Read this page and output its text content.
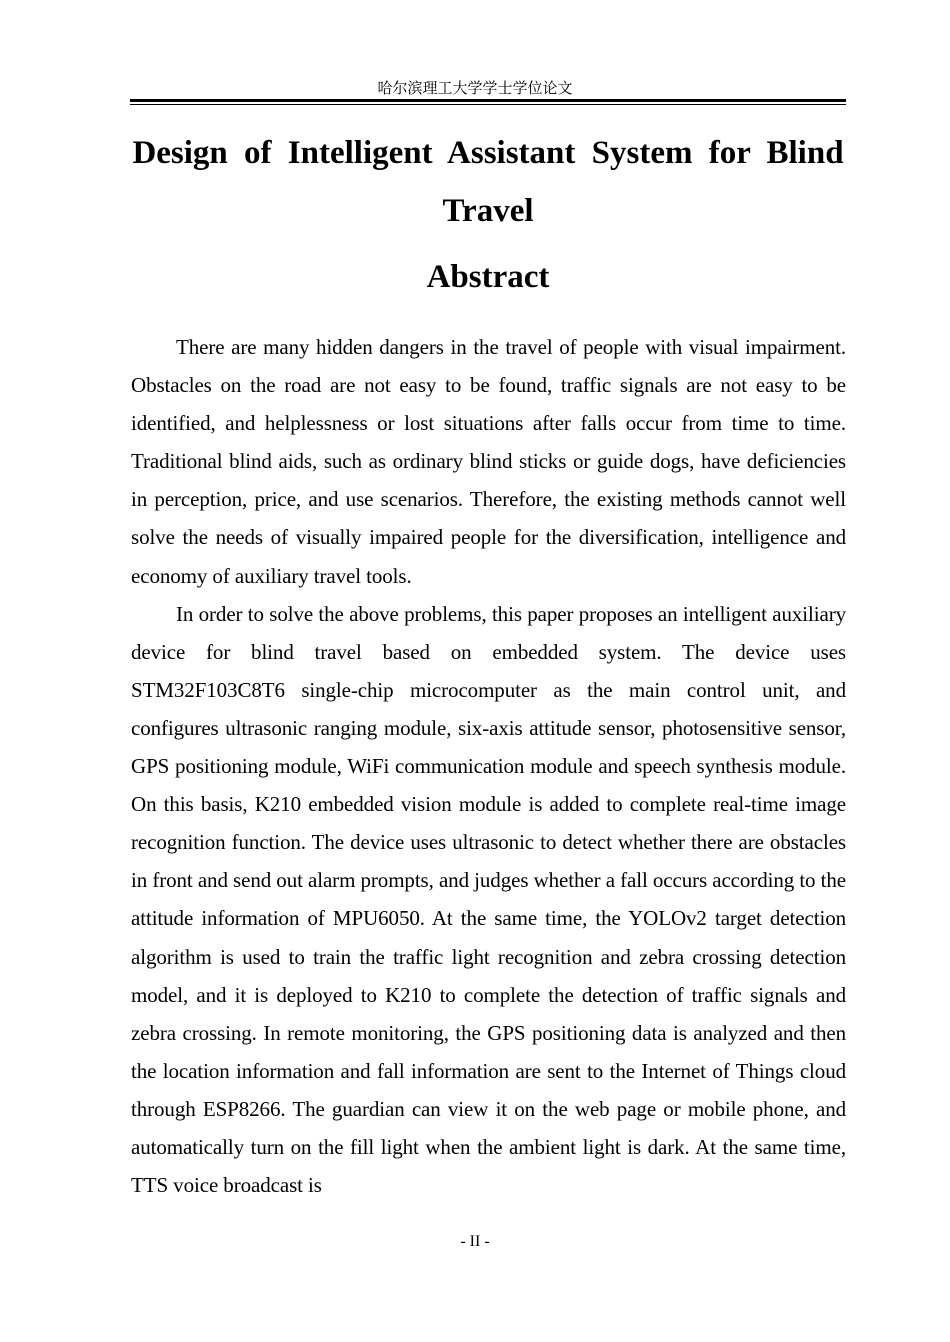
哈尔滨理工大学学士学位论文
Design of Intelligent Assistant System for Blind Travel
Abstract

There are many hidden dangers in the travel of people with visual impairment. Obstacles on the road are not easy to be found, traffic signals are not easy to be identified, and helplessness or lost situations after falls occur from time to time. Traditional blind aids, such as ordinary blind sticks or guide dogs, have deficiencies in perception, price, and use scenarios. Therefore, the existing methods cannot well solve the needs of visually impaired people for the diversification, intelligence and economy of auxiliary travel tools.

In order to solve the above problems, this paper proposes an intelligent auxiliary device for blind travel based on embedded system. The device uses STM32F103C8T6 single-chip microcomputer as the main control unit, and configures ultrasonic ranging module, six-axis attitude sensor, photosensitive sensor, GPS positioning module, WiFi communication module and speech synthesis module. On this basis, K210 embedded vision module is added to complete real-time image recognition function. The device uses ultrasonic to detect whether there are obstacles in front and send out alarm prompts, and judges whether a fall occurs according to the attitude information of MPU6050. At the same time, the YOLOv2 target detection algorithm is used to train the traffic light recognition and zebra crossing detection model, and it is deployed to K210 to complete the detection of traffic signals and zebra crossing. In remote monitoring, the GPS positioning data is analyzed and then the location information and fall information are sent to the Internet of Things cloud through ESP8266. The guardian can view it on the web page or mobile phone, and automatically turn on the fill light when the ambient light is dark. At the same time, TTS voice broadcast is

- II -
